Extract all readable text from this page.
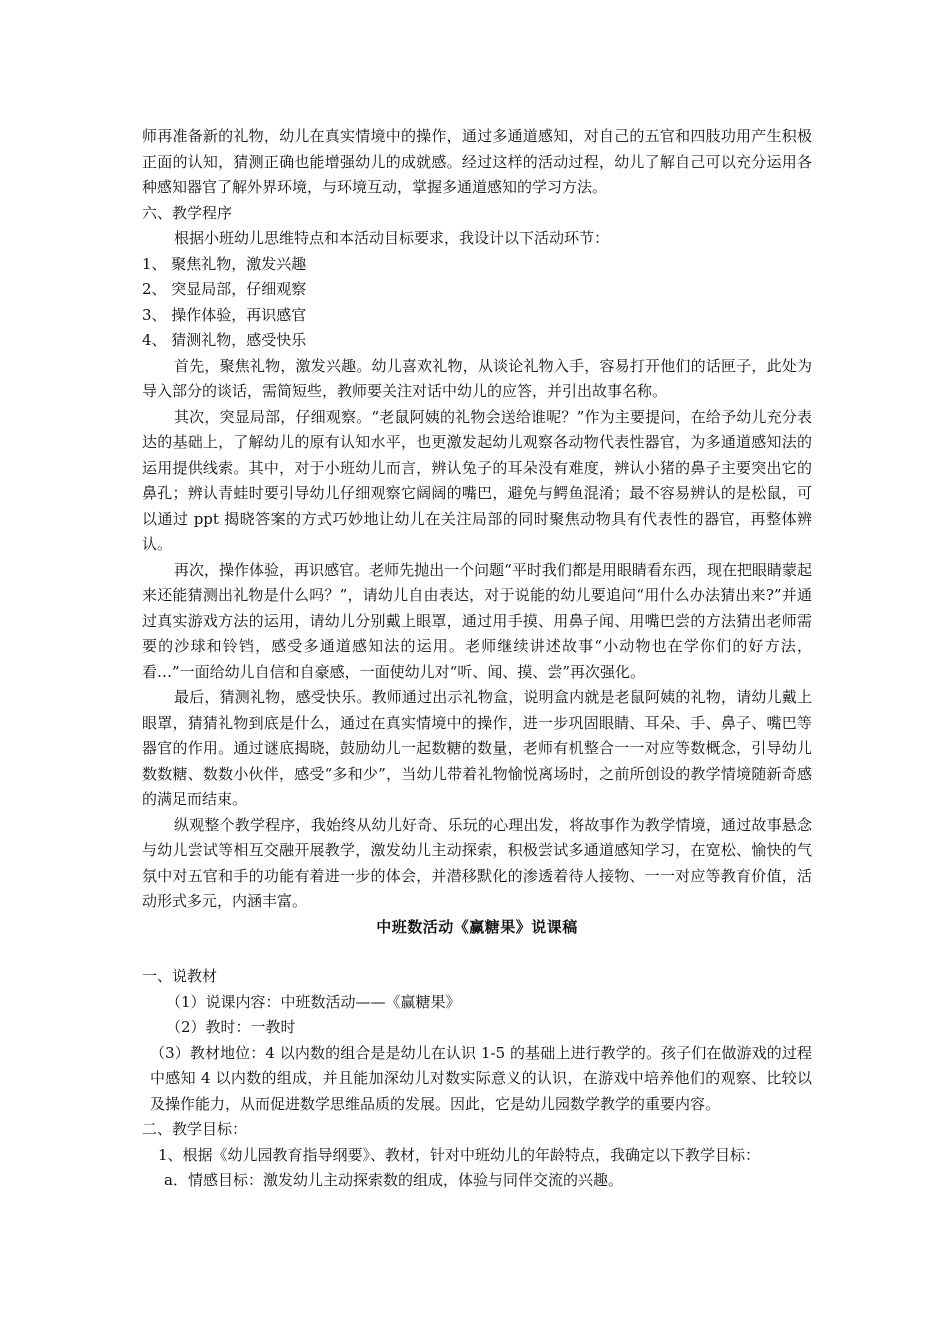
师再准备新的礼物，幼儿在真实情境中的操作，通过多通道感知，对自己的五官和四肢功用产生积极正面的认知，猜测正确也能增强幼儿的成就感。经过这样的活动过程，幼儿了解自己可以充分运用各种感知器官了解外界环境，与环境互动，掌握多通道感知的学习方法。

六、教学程序

根据小班幼儿思维特点和本活动目标要求，我设计以下活动环节：

1、 聚焦礼物，激发兴趣

2、 突显局部，仔细观察

3、 操作体验，再识感官

4、 猜测礼物，感受快乐

首先，聚焦礼物，激发兴趣。幼儿喜欢礼物，从谈论礼物入手，容易打开他们的话匣子，此处为导入部分的谈话，需简短些，教师要关注对话中幼儿的应答，并引出故事名称。

其次，突显局部，仔细观察。“老鼠阿姨的礼物会送给谁呢？”作为主要提问，在给予幼儿充分表达的基础上，了解幼儿的原有认知水平，也更激发起幼儿观察各动物代表性器官，为多通道感知法的运用提供线索。其中，对于小班幼儿而言，辨认兔子的耳朵没有难度，辨认小猪的鼻子主要突出它的鼻孔；辨认青蛙时要引导幼儿仔细观察它阔阔的嘴巴，避免与鳄鱼混淆；最不容易辨认的是松鼠，可以通过 ppt 揭晓答案的方式巧妙地让幼儿在关注局部的同时聚焦动物具有代表性的器官，再整体辨认。

再次，操作体验，再识感官。老师先抛出一个问题“平时我们都是用眼睛看东西，现在把眼睛蒙起来还能猜测出礼物是什么吗？”，请幼儿自由表达，对于说能的幼儿要追问“用什么办法猜出来?”并通过真实游戏方法的运用，请幼儿分别戴上眼罩，通过用手摸、用鼻子闻、用嘴巴尝的方法猜出老师需要的沙球和铃铛，感受多通道感知法的运用。老师继续讲述故事“小动物也在学你们的好方法，看…”一面给幼儿自信和自豪感，一面使幼儿对“听、闻、摸、尝”再次强化。

最后，猜测礼物，感受快乐。教师通过出示礼物盒，说明盒内就是老鼠阿姨的礼物，请幼儿戴上眼罩，猜猜礼物到底是什么，通过在真实情境中的操作，进一步巩固眼睛、耳朵、手、鼻子、嘴巴等器官的作用。通过谜底揭晓，鼓励幼儿一起数糖的数量，老师有机整合一一对应等数概念，引导幼儿数数糖、数数小伙伴，感受“多和少”，当幼儿带着礼物愉悦离场时，之前所创设的教学情境随新奇感的满足而结束。

纵观整个教学程序，我始终从幼儿好奇、乐玩的心理出发，将故事作为教学情境，通过故事悬念与幼儿尝试等相互交融开展教学，激发幼儿主动探索，积极尝试多通道感知学习，在宽松、愉快的气氛中对五官和手的功能有着进一步的体会，并潜移默化的渗透着待人接物、一一对应等教育价值，活动形式多元，内涵丰富。

中班数活动《赢糖果》说课稿

一、说教材

（1）说课内容：中班数活动——《赢糖果》

（2）教时：一教时

（3）教材地位：4 以内数的组合是是幼儿在认识 1-5 的基础上进行教学的。孩子们在做游戏的过程中感知 4 以内数的组成，并且能加深幼儿对数实际意义的认识，在游戏中培养他们的观察、比较以及操作能力，从而促进数学思维品质的发展。因此，它是幼儿园数学教学的重要内容。

二、教学目标：

1、根据《幼儿园教育指导纲要》、教材，针对中班幼儿的年龄特点，我确定以下教学目标：

a．情感目标：激发幼儿主动探索数的组成，体验与同伴交流的兴趣。
